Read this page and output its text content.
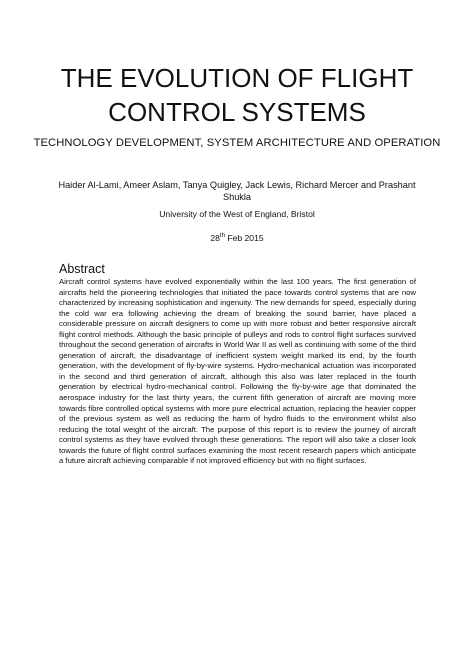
THE EVOLUTION OF FLIGHT
CONTROL SYSTEMS
TECHNOLOGY DEVELOPMENT, SYSTEM ARCHITECTURE AND OPERATION
Haider Al-Lami, Ameer Aslam, Tanya Quigley, Jack Lewis, Richard Mercer and Prashant Shukla
University of the West of England, Bristol
28th Feb 2015
Abstract
Aircraft control systems have evolved exponentially within the last 100 years. The first generation of aircrafts held the pioneering technologies that initiated the pace towards control systems that are now characterized by increasing sophistication and ingenuity. The new demands for speed, especially during the cold war era following achieving the dream of breaking the sound barrier, have placed a considerable pressure on aircraft designers to come up with more robust and better responsive aircraft flight control methods. Although the basic principle of pulleys and rods to control flight surfaces survived throughout the second generation of aircrafts in World War II as well as continuing with some of the third generation of aircraft, the disadvantage of inefficient system weight marked its end, by the fourth generation, with the development of fly-by-wire systems. Hydro-mechanical actuation was incorporated in the second and third generation of aircraft, although this also was later replaced in the fourth generation by electrical hydro-mechanical control. Following the fly-by-wire age that dominated the aerospace industry for the last thirty years, the current fifth generation of aircraft are moving more towards fibre controlled optical systems with more pure electrical actuation, replacing the heavier copper of the previous system as well as reducing the harm of hydro fluids to the environment whilst also reducing the total weight of the aircraft. The purpose of this report is to review the journey of aircraft control systems as they have evolved through these generations. The report will also take a closer look towards the future of flight control surfaces examining the most recent research papers which anticipate a future aircraft achieving comparable if not improved efficiency but with no flight surfaces.
